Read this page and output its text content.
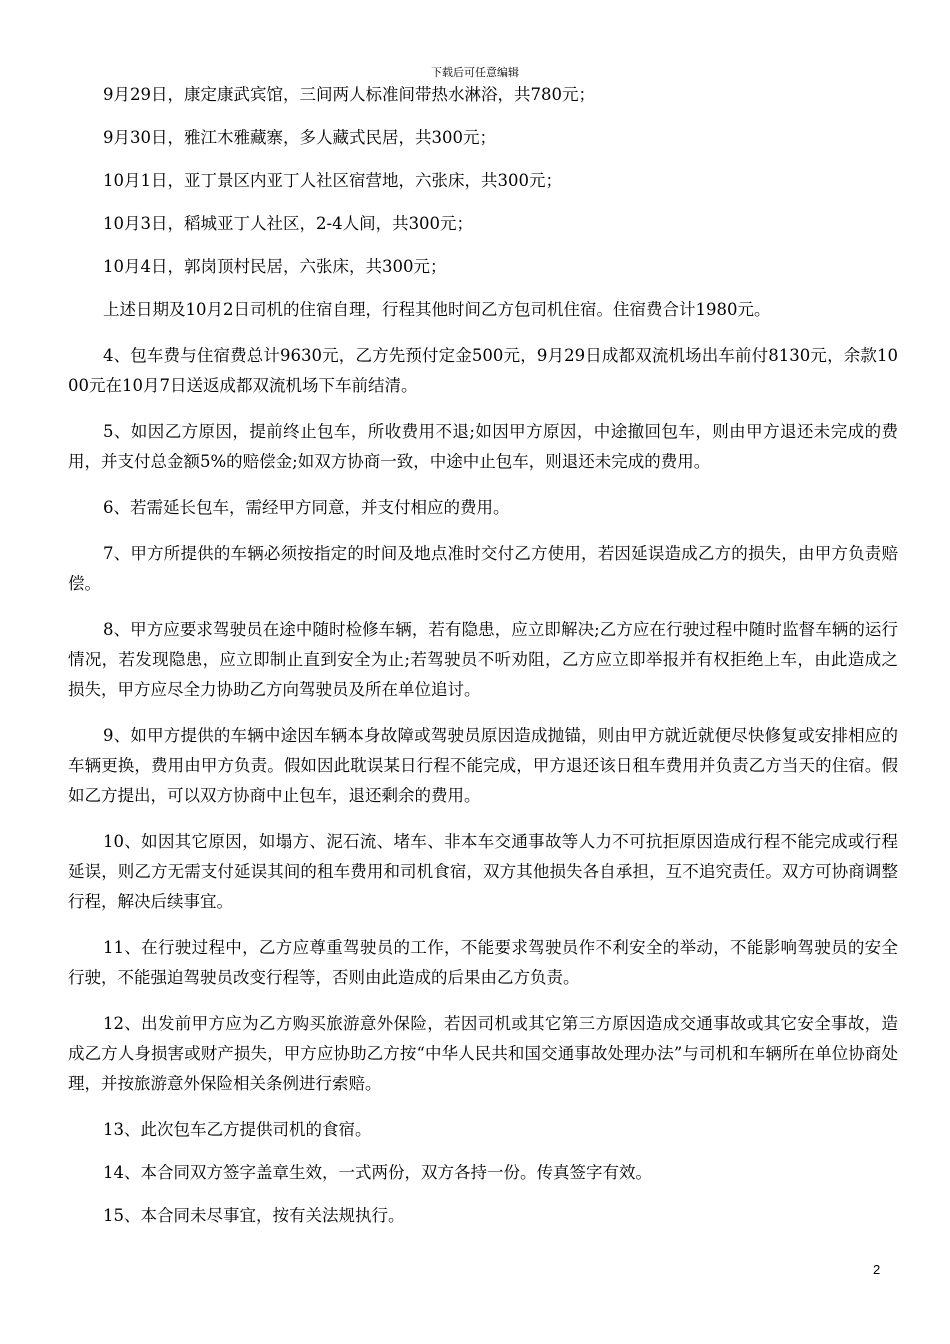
下载后可任意编辑

9月29日，康定康武宾馆，三间两人标准间带热水淋浴，共780元；

9月30日，雅江木雅藏寨，多人藏式民居，共300元；

10月1日，亚丁景区内亚丁人社区宿营地，六张床，共300元；

10月3日，稻城亚丁人社区，2-4人间，共300元；

10月4日，郭岗顶村民居，六张床，共300元；

上述日期及10月2日司机的住宿自理，行程其他时间乙方包司机住宿。住宿费合计1980元。

4、包车费与住宿费总计9630元，乙方先预付定金500元，9月29日成都双流机场出车前付8130元，余款1000元在10月7日送返成都双流机场下车前结清。

5、如因乙方原因，提前终止包车，所收费用不退;如因甲方原因，中途撤回包车，则由甲方退还未完成的费用，并支付总金额5%的赔偿金;如双方协商一致，中途中止包车，则退还未完成的费用。

6、若需延长包车，需经甲方同意，并支付相应的费用。

7、甲方所提供的车辆必须按指定的时间及地点准时交付乙方使用，若因延误造成乙方的损失，由甲方负责赔偿。

8、甲方应要求驾驶员在途中随时检修车辆，若有隐患，应立即解决;乙方应在行驶过程中随时监督车辆的运行情况，若发现隐患，应立即制止直到安全为止;若驾驶员不听劝阻，乙方应立即举报并有权拒绝上车，由此造成之损失，甲方应尽全力协助乙方向驾驶员及所在单位追讨。

9、如甲方提供的车辆中途因车辆本身故障或驾驶员原因造成抛锚，则由甲方就近就便尽快修复或安排相应的车辆更换，费用由甲方负责。假如因此耽误某日行程不能完成，甲方退还该日租车费用并负责乙方当天的住宿。假如乙方提出，可以双方协商中止包车，退还剩余的费用。

10、如因其它原因，如塌方、泥石流、堵车、非本车交通事故等人力不可抗拒原因造成行程不能完成或行程延误，则乙方无需支付延误其间的租车费用和司机食宿，双方其他损失各自承担，互不追究责任。双方可协商调整行程，解决后续事宜。

11、在行驶过程中，乙方应尊重驾驶员的工作，不能要求驾驶员作不利安全的举动，不能影响驾驶员的安全行驶，不能强迫驾驶员改变行程等，否则由此造成的后果由乙方负责。

12、出发前甲方应为乙方购买旅游意外保险，若因司机或其它第三方原因造成交通事故或其它安全事故，造成乙方人身损害或财产损失，甲方应协助乙方按“中华人民共和国交通事故处理办法”与司机和车辆所在单位协商处理，并按旅游意外保险相关条例进行索赔。

13、此次包车乙方提供司机的食宿。

14、本合同双方签字盖章生效，一式两份，双方各持一份。传真签字有效。

15、本合同未尽事宜，按有关法规执行。

2
